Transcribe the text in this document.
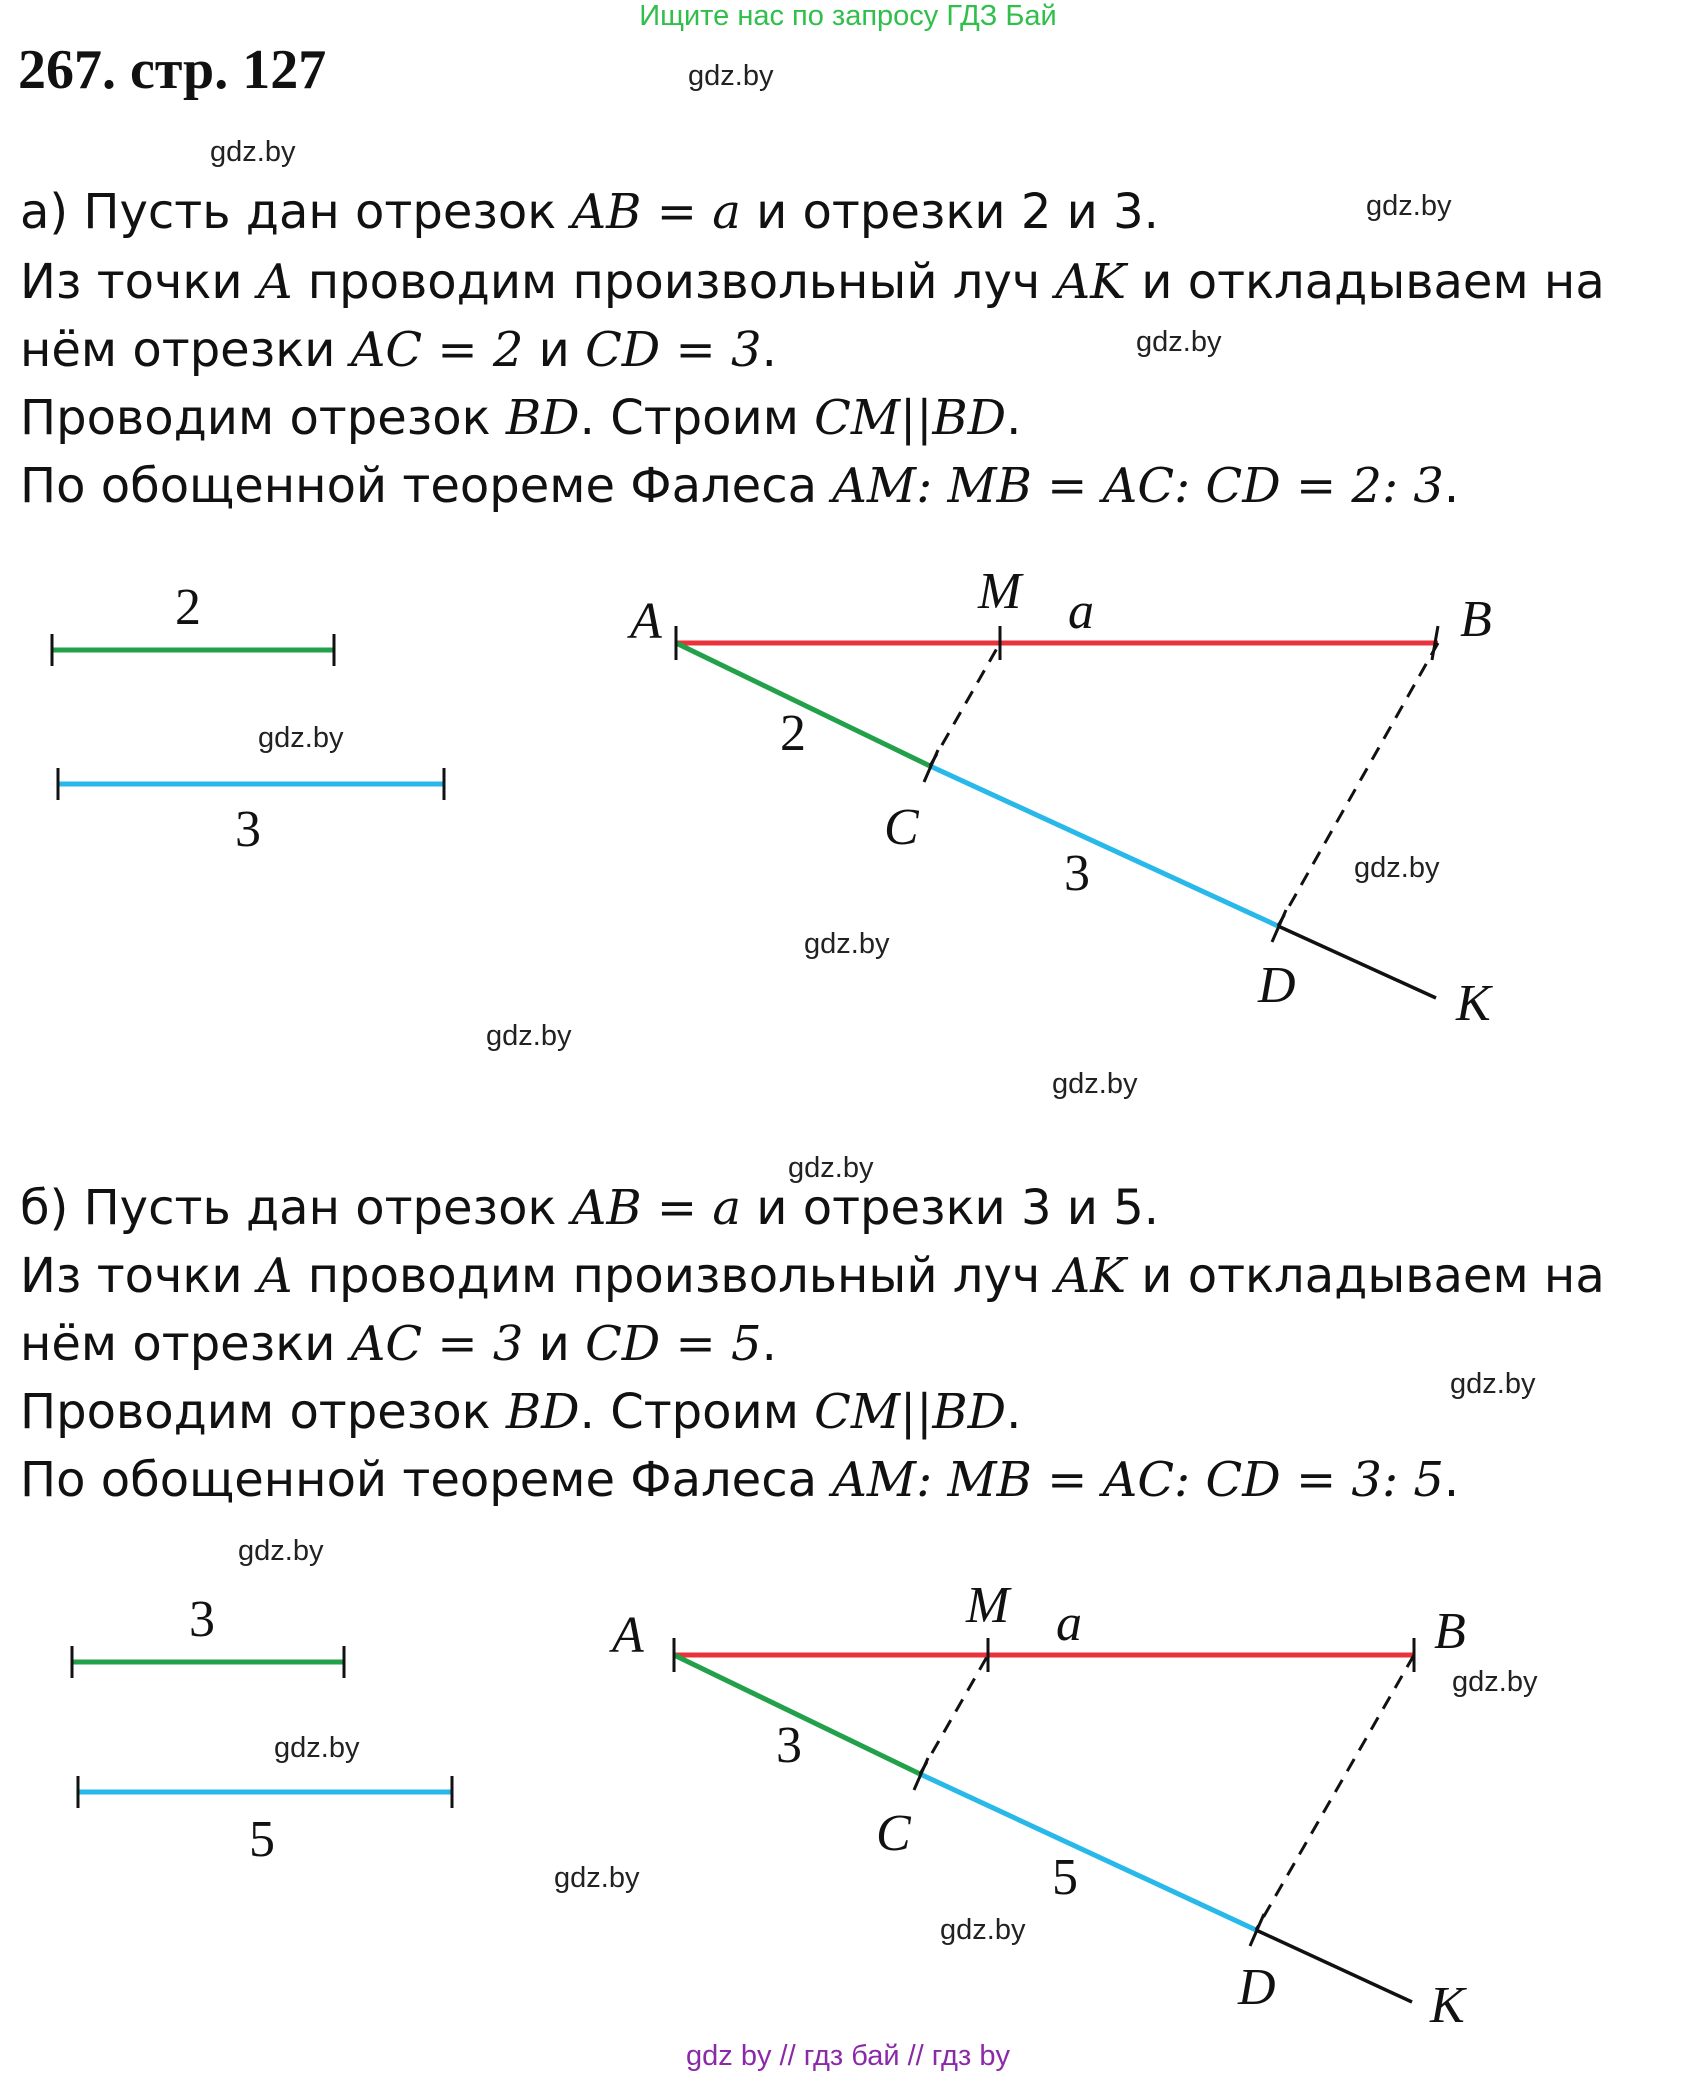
Ищите нас по запросу ГДЗ Бай
267. стр. 127	gdz.by
gdz.by
gdz.by
gdz.by
gdz.by
gdz.by
gdz.by
gdz.by
gdz.by
gdz.by
gdz.by
gdz.by
gdz.by
gdz.by
gdz.by
gdz.by
а) Пусть дан отрезок AB = a и отрезки 2 и 3.
Из точки A проводим произвольный луч AK и откладываем на
нём отрезки AC = 2 и CD = 3.
Проводим отрезок BD. Строим CM||BD.
По обощенной теореме Фалеса AM: MB = AC: CD = 2: 3.
2
3
A
M a	B
2
C
3
D	K
б) Пусть дан отрезок AB = a и отрезки 3 и 5.
Из точки A проводим произвольный луч AK и откладываем на
нём отрезки AC = 3 и CD = 5.
Проводим отрезок BD. Строим CM||BD.
По обощенной теореме Фалеса AM: MB = AC: CD = 3: 5.
3
5
A
M a	B
3
C
5
D	K
gdz by // гдз бай // гдз by
